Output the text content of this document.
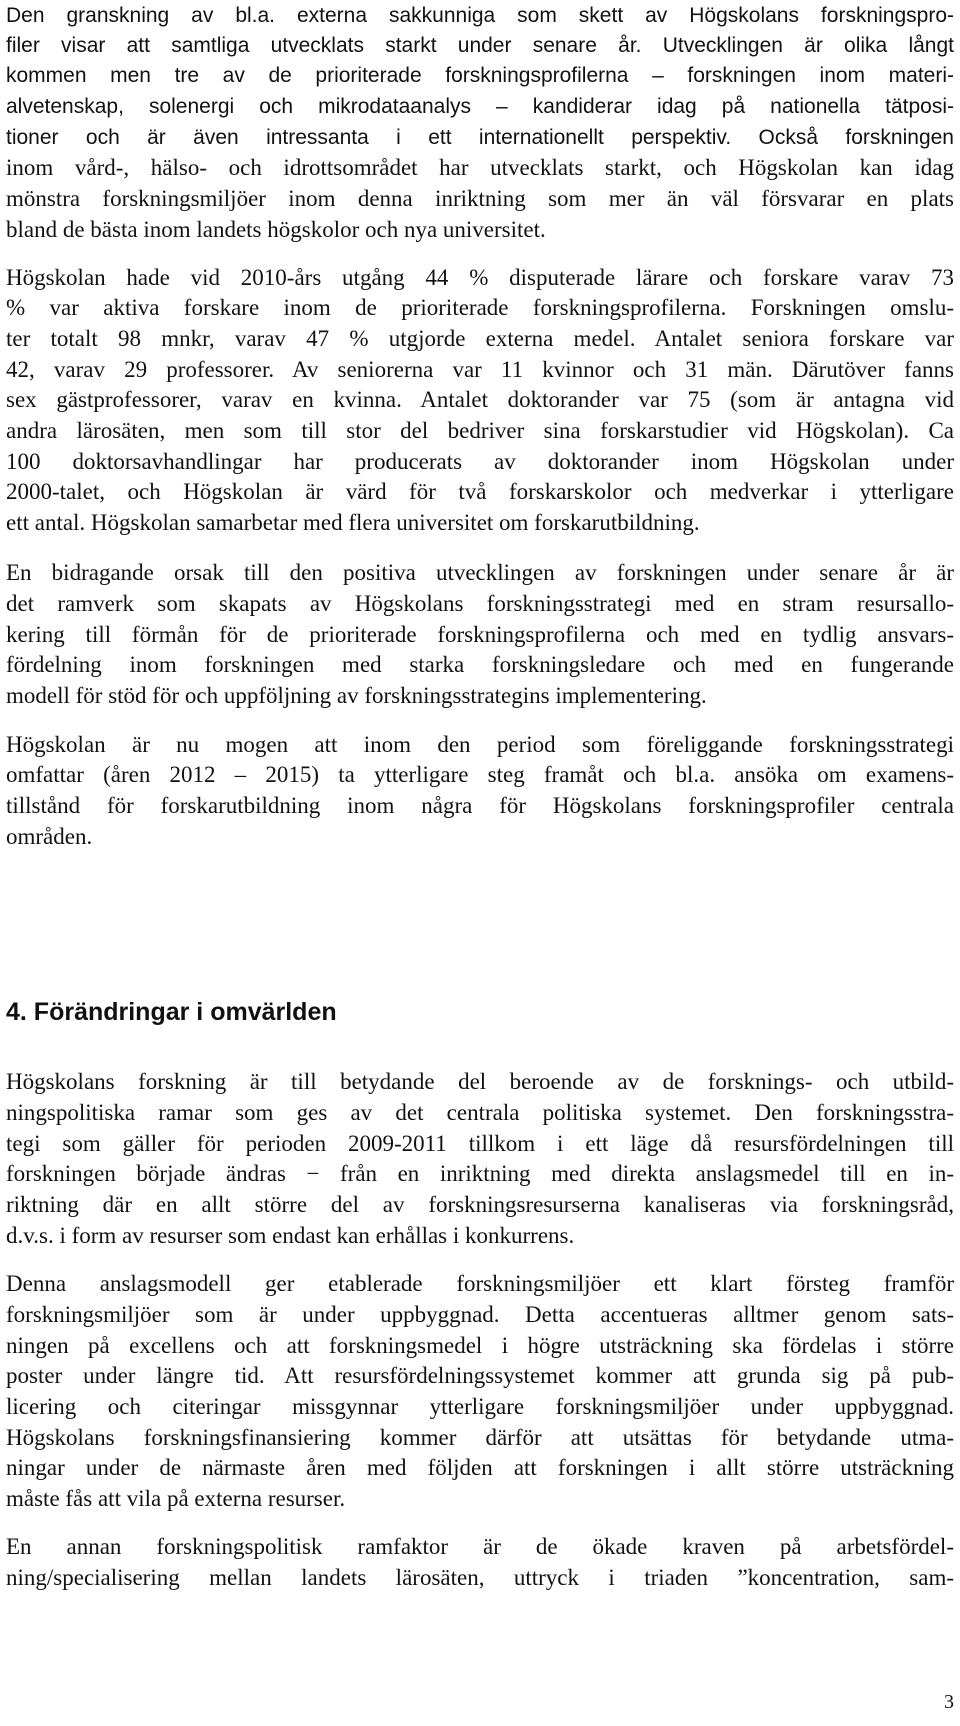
Den granskning av bl.a. externa sakkunniga som skett av Högskolans forskningspro-
filer visar att samtliga utvecklats starkt under senare år. Utvecklingen är olika långt
kommen men tre av de prioriterade forskningsprofilerna – forskningen inom materi-
alvetenskap, solenergi och mikrodataanalys – kandiderar idag på nationella tätposi-
tioner och är även intressanta i ett internationellt perspektiv. Också forskningen
inom vård-, hälso- och idrottsområdet har utvecklats starkt, och Högskolan kan idag
mönstra forskningsmiljöer inom denna inriktning som mer än väl försvarar en plats
bland de bästa inom landets högskolor och nya universitet.
Högskolan hade vid 2010-års utgång 44 % disputerade lärare och forskare varav 73
% var aktiva forskare inom de prioriterade forskningsprofilerna. Forskningen omslu-
ter totalt 98 mnkr, varav 47 % utgjorde externa medel. Antalet seniora forskare var
42, varav 29 professorer. Av seniorerna var 11 kvinnor och 31 män. Därutöver fanns
sex gästprofessorer, varav en kvinna. Antalet doktorander var 75 (som är antagna vid
andra lärosäten, men som till stor del bedriver sina forskarstudier vid Högskolan). Ca
100 doktorsavhandlingar har producerats av doktorander inom Högskolan under
2000-talet, och Högskolan är värd för två forskarskolor och medverkar i ytterligare
ett antal. Högskolan samarbetar med flera universitet om forskarutbildning.
En bidragande orsak till den positiva utvecklingen av forskningen under senare år är
det ramverk som skapats av Högskolans forskningsstrategi med en stram resursallo-
kering till förmån för de prioriterade forskningsprofilerna och med en tydlig ansvars-
fördelning inom forskningen med starka forskningsledare och med en fungerande
modell för stöd för och uppföljning av forskningsstrategins implementering.
Högskolan är nu mogen att inom den period som föreliggande forskningsstrategi
omfattar (åren 2012 – 2015) ta ytterligare steg framåt och bl.a. ansöka om examens-
tillstånd för forskarutbildning inom några för Högskolans forskningsprofiler centrala
områden.
4. Förändringar i omvärlden
Högskolans forskning är till betydande del beroende av de forsknings- och utbild-
ningspolitiska ramar som ges av det centrala politiska systemet. Den forskningsstra-
tegi som gäller för perioden 2009-2011 tillkom i ett läge då resursfördelningen till
forskningen började ändras − från en inriktning med direkta anslagsmedel till en in-
riktning där en allt större del av forskningsresurserna kanaliseras via forskningsråd,
d.v.s. i form av resurser som endast kan erhållas i konkurrens.
Denna anslagsmodell ger etablerade forskningsmiljöer ett klart försteg framför
forskningsmiljöer som är under uppbyggnad. Detta accentueras alltmer genom sats-
ningen på excellens och att forskningsmedel i högre utsträckning ska fördelas i större
poster under längre tid. Att resursfördelningssystemet kommer att grunda sig på pub-
licering och citeringar missgynnar ytterligare forskningsmiljöer under uppbyggnad.
Högskolans forskningsfinansiering kommer därför att utsättas för betydande utma-
ningar under de närmaste åren med följden att forskningen i allt större utsträckning
måste fås att vila på externa resurser.
En annan forskningspolitisk ramfaktor är de ökade kraven på arbetsfördel-
ning/specialisering mellan landets lärosäten, uttryck i triaden ”koncentration, sam-
3
